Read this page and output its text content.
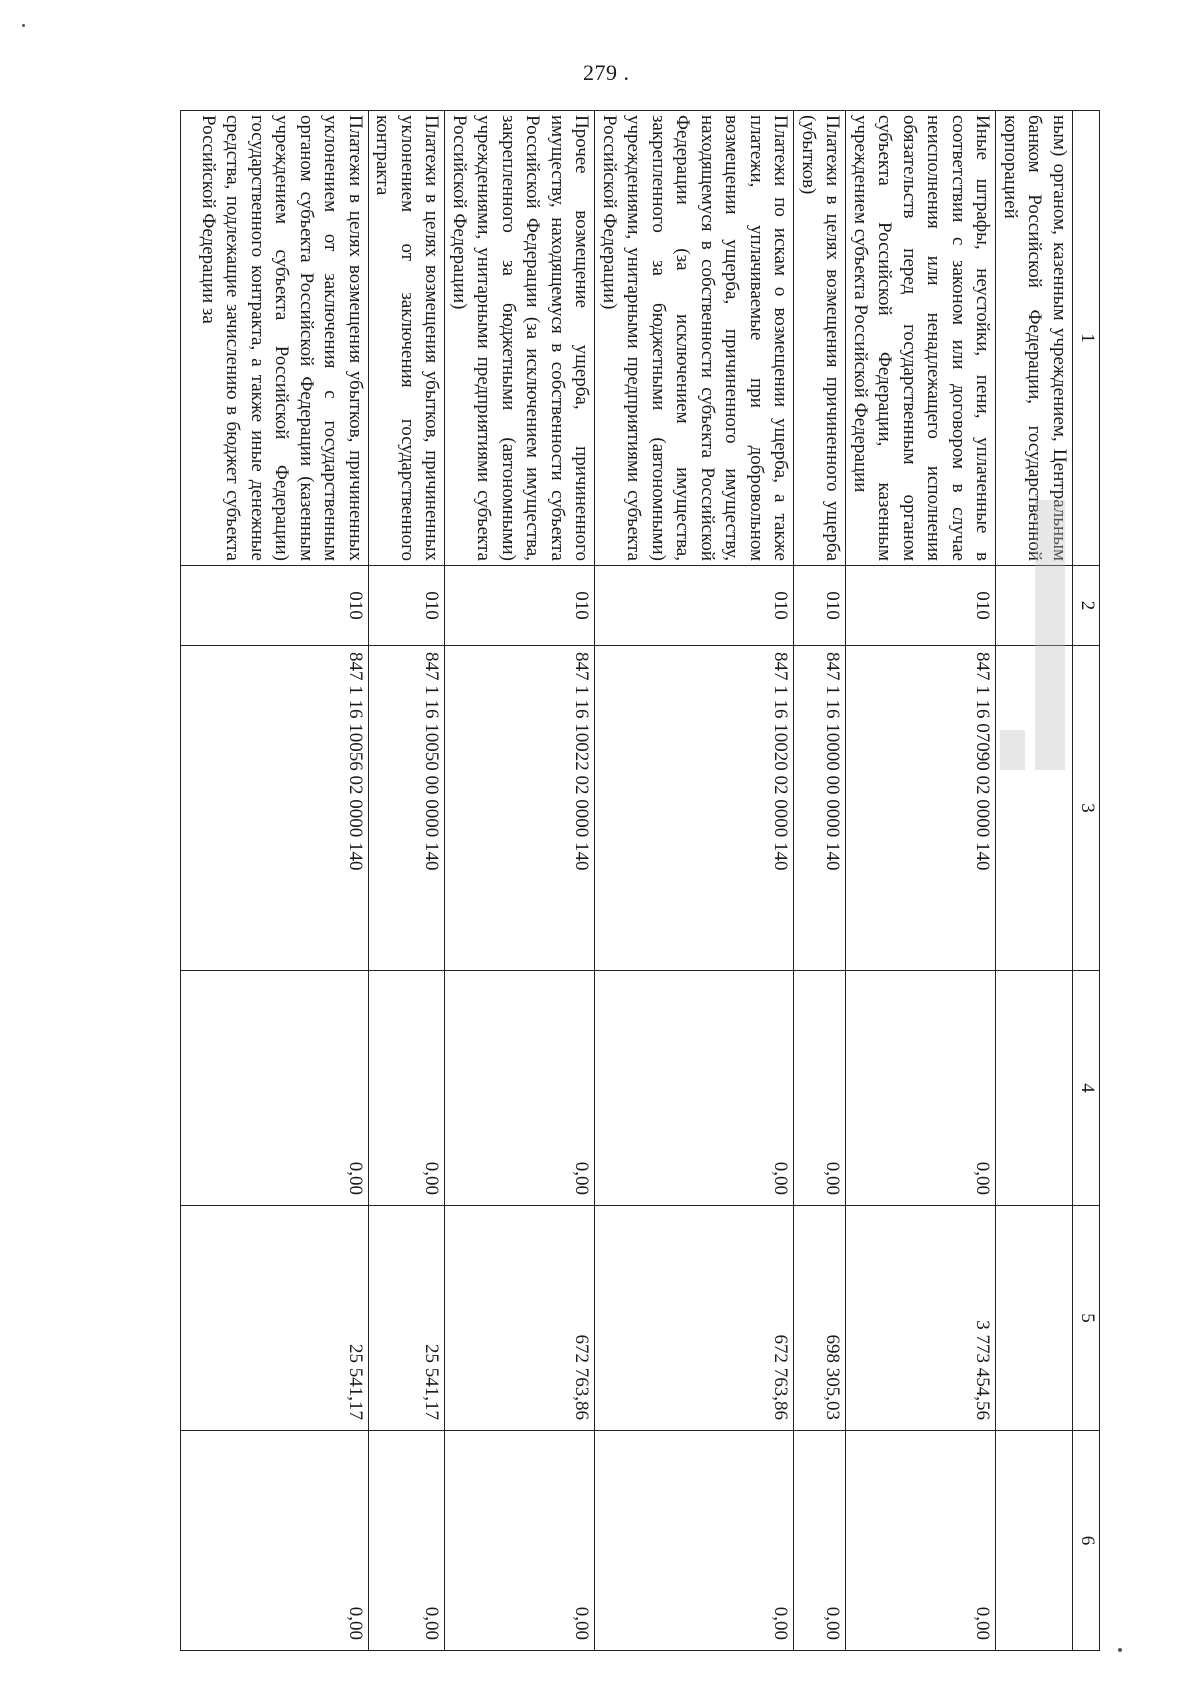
279 .
1	2	3	4	5	6
ным) органом, казенным учреждением, Центральным банком Российской Федерации, государственной корпорацией					
Иные штрафы, неустойки, пени, уплаченные в соответствии с законом или договором в случае неисполнения или ненадлежащего исполнения обязательств перед государственным органом субъекта Российской Федерации, казенным учреждением субъекта Российской Федерации	010	847 1 16 07090 02 0000 140	0,00	3 773 454,56	0,00
Платежи в целях возмещения причиненного ущерба (убытков)	010	847 1 16 10000 00 0000 140	0,00	698 305,03	0,00
Платежи по искам о возмещении ущерба, а также платежи, уплачиваемые при добровольном возмещении ущерба, причиненного имуществу, находящемуся в собственности субъекта Российской Федерации (за исключением имущества, закрепленного за бюджетными (автономными) учреждениями, унитарными предприятиями субъекта Российской Федерации)	010	847 1 16 10020 02 0000 140	0,00	672 763,86	0,00
Прочее возмещение ущерба, причиненного имуществу, находящемуся в собственности субъекта Российской Федерации (за исключением имущества, закрепленного за бюджетными (автономными) учреждениями, унитарными предприятиями субъекта Российской Федерации)	010	847 1 16 10022 02 0000 140	0,00	672 763,86	0,00
Платежи в целях возмещения убытков, причиненных уклонением от заключения государственного контракта	010	847 1 16 10050 00 0000 140	0,00	25 541,17	0,00
Платежи в целях возмещения убытков, причиненных уклонением от заключения с государственным органом субъекта Российской Федерации (казенным учреждением субъекта Российской Федерации) государственного контракта, а также иные денежные средства, подлежащие зачислению в бюджет субъекта Российской Федерации за	010	847 1 16 10056 02 0000 140	0,00	25 541,17	0,00
